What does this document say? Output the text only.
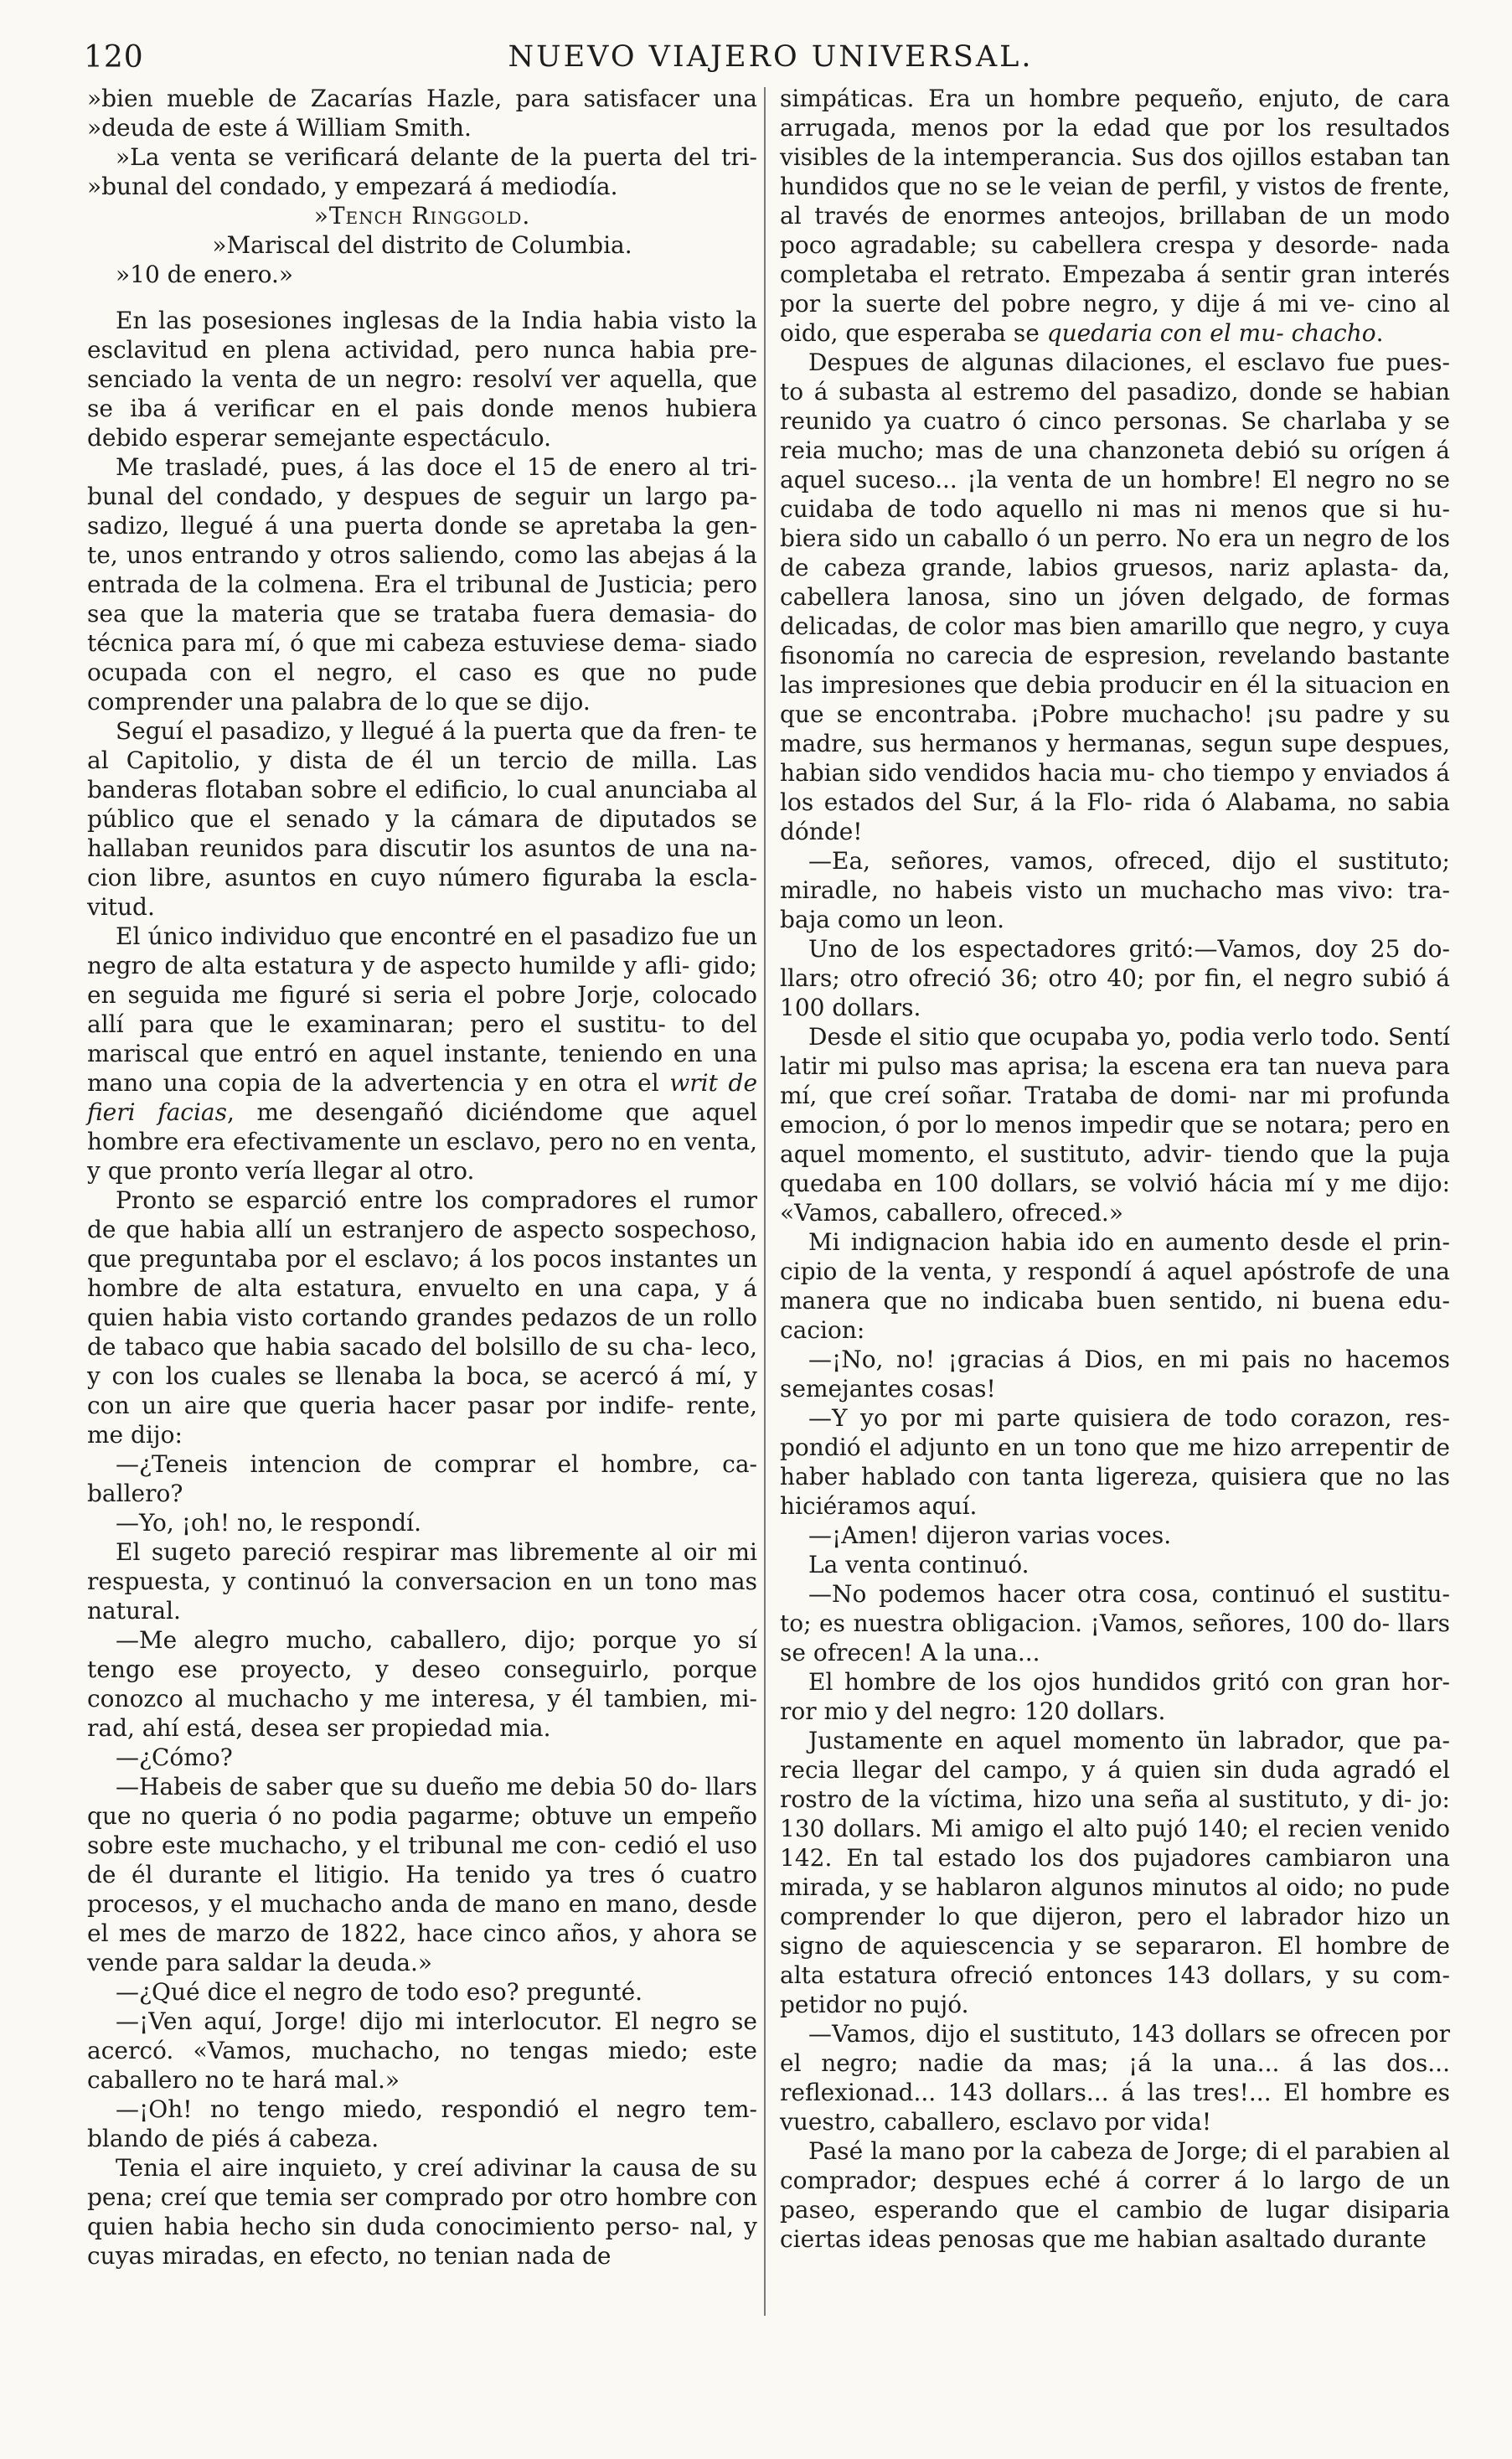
120	NUEVO VIAJERO UNIVERSAL.

»bien mueble de Zacarías Hazle, para satisfacer una »deuda de este á William Smith.

»La venta se verificará delante de la puerta del tri- »bunal del condado, y empezará á mediodía.

»Tench Ringgold.
»Mariscal del distrito de Columbia.

»10 de enero.»

En las posesiones inglesas de la India habia visto la esclavitud en plena actividad, pero nunca habia pre- senciado la venta de un negro: resolví ver aquella, que se iba á verificar en el pais donde menos hubiera debido esperar semejante espectáculo.

Me trasladé, pues, á las doce el 15 de enero al tri- bunal del condado, y despues de seguir un largo pa- sadizo, llegué á una puerta donde se apretaba la gen- te, unos entrando y otros saliendo, como las abejas á la entrada de la colmena. Era el tribunal de Justicia; pero sea que la materia que se trataba fuera demasia- do técnica para mí, ó que mi cabeza estuviese dema- siado ocupada con el negro, el caso es que no pude comprender una palabra de lo que se dijo.

Seguí el pasadizo, y llegué á la puerta que da fren- te al Capitolio, y dista de él un tercio de milla. Las banderas flotaban sobre el edificio, lo cual anunciaba al público que el senado y la cámara de diputados se hallaban reunidos para discutir los asuntos de una na- cion libre, asuntos en cuyo número figuraba la escla- vitud.

El único individuo que encontré en el pasadizo fue un negro de alta estatura y de aspecto humilde y afli- gido; en seguida me figuré si seria el pobre Jorje, colocado allí para que le examinaran; pero el sustitu- to del mariscal que entró en aquel instante, teniendo en una mano una copia de la advertencia y en otra el writ de fieri facias, me desengañó diciéndome que aquel hombre era efectivamente un esclavo, pero no en venta, y que pronto vería llegar al otro.

Pronto se esparció entre los compradores el rumor de que habia allí un estranjero de aspecto sospechoso, que preguntaba por el esclavo; á los pocos instantes un hombre de alta estatura, envuelto en una capa, y á quien habia visto cortando grandes pedazos de un rollo de tabaco que habia sacado del bolsillo de su cha- leco, y con los cuales se llenaba la boca, se acercó á mí, y con un aire que queria hacer pasar por indife- rente, me dijo:

—¿Teneis intencion de comprar el hombre, ca- ballero?

—Yo, ¡oh! no, le respondí.

El sugeto pareció respirar mas libremente al oir mi respuesta, y continuó la conversacion en un tono mas natural.

—Me alegro mucho, caballero, dijo; porque yo sí tengo ese proyecto, y deseo conseguirlo, porque conozco al muchacho y me interesa, y él tambien, mi- rad, ahí está, desea ser propiedad mia.

—¿Cómo?

—Habeis de saber que su dueño me debia 50 do- llars que no queria ó no podia pagarme; obtuve un empeño sobre este muchacho, y el tribunal me con- cedió el uso de él durante el litigio. Ha tenido ya tres ó cuatro procesos, y el muchacho anda de mano en mano, desde el mes de marzo de 1822, hace cinco años, y ahora se vende para saldar la deuda.»

—¿Qué dice el negro de todo eso? pregunté.

—¡Ven aquí, Jorge! dijo mi interlocutor. El negro se acercó. «Vamos, muchacho, no tengas miedo; este caballero no te hará mal.»

—¡Oh! no tengo miedo, respondió el negro tem- blando de piés á cabeza.

Tenia el aire inquieto, y creí adivinar la causa de su pena; creí que temia ser comprado por otro hombre con quien habia hecho sin duda conocimiento perso- nal, y cuyas miradas, en efecto, no tenian nada de

simpáticas. Era un hombre pequeño, enjuto, de cara arrugada, menos por la edad que por los resultados visibles de la intemperancia. Sus dos ojillos estaban tan hundidos que no se le veian de perfil, y vistos de frente, al través de enormes anteojos, brillaban de un modo poco agradable; su cabellera crespa y desorde- nada completaba el retrato. Empezaba á sentir gran interés por la suerte del pobre negro, y dije á mi ve- cino al oido, que esperaba se quedaria con el mu- chacho.

Despues de algunas dilaciones, el esclavo fue pues- to á subasta al estremo del pasadizo, donde se habian reunido ya cuatro ó cinco personas. Se charlaba y se reia mucho; mas de una chanzoneta debió su orígen á aquel suceso... ¡la venta de un hombre! El negro no se cuidaba de todo aquello ni mas ni menos que si hu- biera sido un caballo ó un perro. No era un negro de los de cabeza grande, labios gruesos, nariz aplasta- da, cabellera lanosa, sino un jóven delgado, de formas delicadas, de color mas bien amarillo que negro, y cuya fisonomía no carecia de espresion, revelando bastante las impresiones que debia producir en él la situacion en que se encontraba. ¡Pobre muchacho! ¡su padre y su madre, sus hermanos y hermanas, segun supe despues, habian sido vendidos hacia mu- cho tiempo y enviados á los estados del Sur, á la Flo- rida ó Alabama, no sabia dónde!

—Ea, señores, vamos, ofreced, dijo el sustituto; miradle, no habeis visto un muchacho mas vivo: tra- baja como un leon.

Uno de los espectadores gritó:—Vamos, doy 25 do- llars; otro ofreció 36; otro 40; por fin, el negro subió á 100 dollars.

Desde el sitio que ocupaba yo, podia verlo todo. Sentí latir mi pulso mas aprisa; la escena era tan nueva para mí, que creí soñar. Trataba de domi- nar mi profunda emocion, ó por lo menos impedir que se notara; pero en aquel momento, el sustituto, advir- tiendo que la puja quedaba en 100 dollars, se volvió hácia mí y me dijo: «Vamos, caballero, ofreced.»

Mi indignacion habia ido en aumento desde el prin- cipio de la venta, y respondí á aquel apóstrofe de una manera que no indicaba buen sentido, ni buena edu- cacion:

—¡No, no! ¡gracias á Dios, en mi pais no hacemos semejantes cosas!

—Y yo por mi parte quisiera de todo corazon, res- pondió el adjunto en un tono que me hizo arrepentir de haber hablado con tanta ligereza, quisiera que no las hiciéramos aquí.

—¡Amen! dijeron varias voces.

La venta continuó.

—No podemos hacer otra cosa, continuó el sustitu- to; es nuestra obligacion. ¡Vamos, señores, 100 do- llars se ofrecen! A la una...

El hombre de los ojos hundidos gritó con gran hor- ror mio y del negro: 120 dollars.

Justamente en aquel momento ün labrador, que pa- recia llegar del campo, y á quien sin duda agradó el rostro de la víctima, hizo una seña al sustituto, y di- jo: 130 dollars. Mi amigo el alto pujó 140; el recien venido 142. En tal estado los dos pujadores cambiaron una mirada, y se hablaron algunos minutos al oido; no pude comprender lo que dijeron, pero el labrador hizo un signo de aquiescencia y se separaron. El hombre de alta estatura ofreció entonces 143 dollars, y su com- petidor no pujó.

—Vamos, dijo el sustituto, 143 dollars se ofrecen por el negro; nadie da mas; ¡á la una... á las dos... reflexionad... 143 dollars... á las tres!... El hombre es vuestro, caballero, esclavo por vida!

Pasé la mano por la cabeza de Jorge; di el parabien al comprador; despues eché á correr á lo largo de un paseo, esperando que el cambio de lugar disiparia ciertas ideas penosas que me habian asaltado durante
